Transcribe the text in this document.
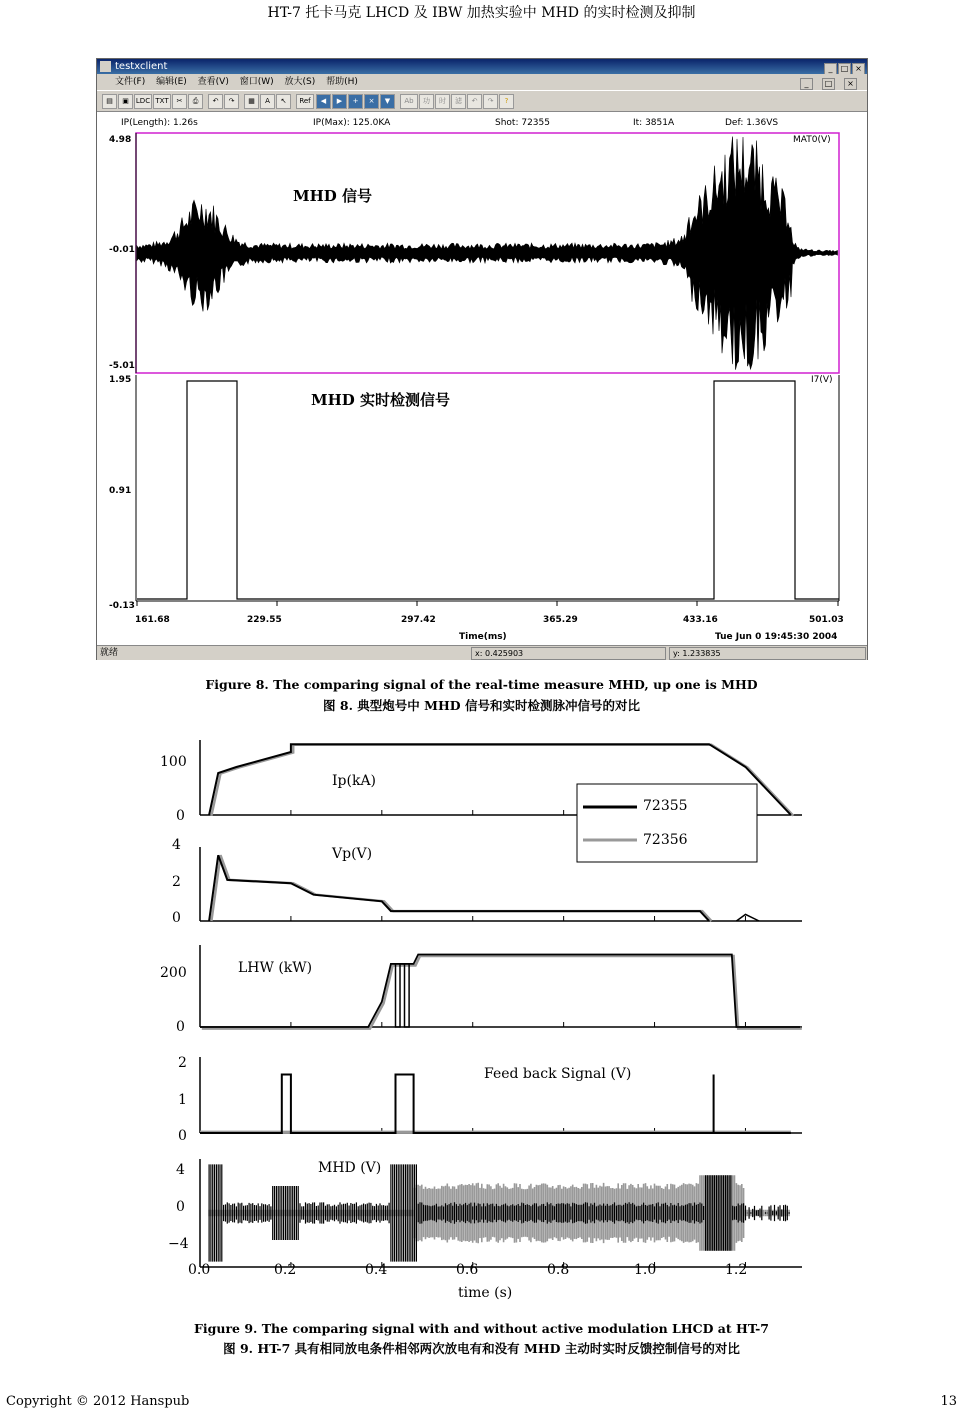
HT-7 托卡马克 LHCD 及 IBW 加热实验中 MHD 的实时检测及抑制
testxclient	_ □ ×
文件(F) 编辑(E) 查看(V) 窗口(W) 放大(S) 帮助(H)	_ □ ×
▤	▣	LDC TXT	✂	⎙	↶	↷	▦	A	↖	Ref	◀	▶	+	×	▼	Ab	功	时	滤	↶	↷	?
IP(Length): 1.26s	IP(Max): 125.0KA	Shot: 72355	It: 3851A	Def: 1.36VS
4.98
-0.01
-5.01
MAT0(V)
1.95
0.91
-0.13
I7(V)
161.68	229.55	297.42	365.29	433.16	501.03
Time(ms)	Tue Jun 0 19:45:30 2004
MHD 信号
MHD 实时检测信号
就绪	x: 0.425903	y: 1.233835
Figure 8. The comparing signal of the real-time measure MHD, up one is MHD
图 8. 典型炮号中 MHD 信号和实时检测脉冲信号的对比
100
0
Ip(kA)
4
2
0
Vp(V)
200
0
LHW (kW)
2
1
0
Feed back Signal (V)
4
0
−4
MHD (V)
72355
72356
0.0	0.2	0.4	0.6	0.8	1.0	1.2
time (s)
Figure 9. The comparing signal with and without active modulation LHCD at HT-7
图 9. HT-7 具有相同放电条件相邻两次放电有和没有 MHD 主动时实时反馈控制信号的对比
Copyright © 2012 Hanspub	13
